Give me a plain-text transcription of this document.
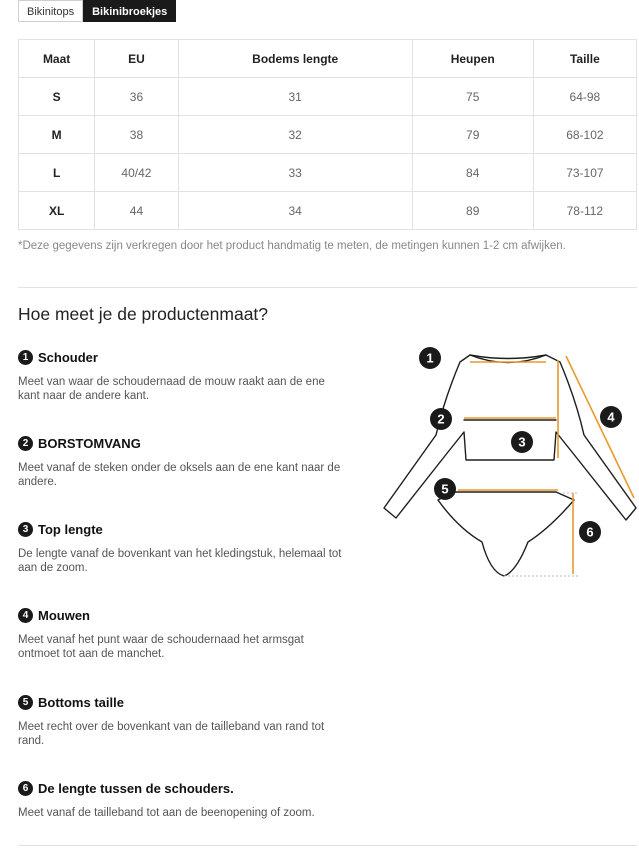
Bikinitops	Bikinibroekjes
Maat	EU	Bodems lengte	Heupen	Taille
S	36	31	75	64-98
M	38	32	79	68-102
L	40/42	33	84	73-107
XL	44	34	89	78-112
*Deze gegevens zijn verkregen door het product handmatig te meten, de metingen kunnen 1-2 cm afwijken.
Hoe meet je de productenmaat?
1 Schouder
Meet van waar de schoudernaad de mouw raakt aan de ene kant naar de andere kant.
2 BORSTOMVANG
Meet vanaf de steken onder de oksels aan de ene kant naar de andere.
3 Top lengte
De lengte vanaf de bovenkant van het kledingstuk, helemaal tot aan de zoom.
4 Mouwen
Meet vanaf het punt waar de schoudernaad het armsgat ontmoet tot aan de manchet.
5 Bottoms taille
Meet recht over de bovenkant van de tailleband van rand tot rand.
6 De lengte tussen de schouders.
Meet vanaf de tailleband tot aan de beenopening of zoom.
1
2
3
4
5
6
